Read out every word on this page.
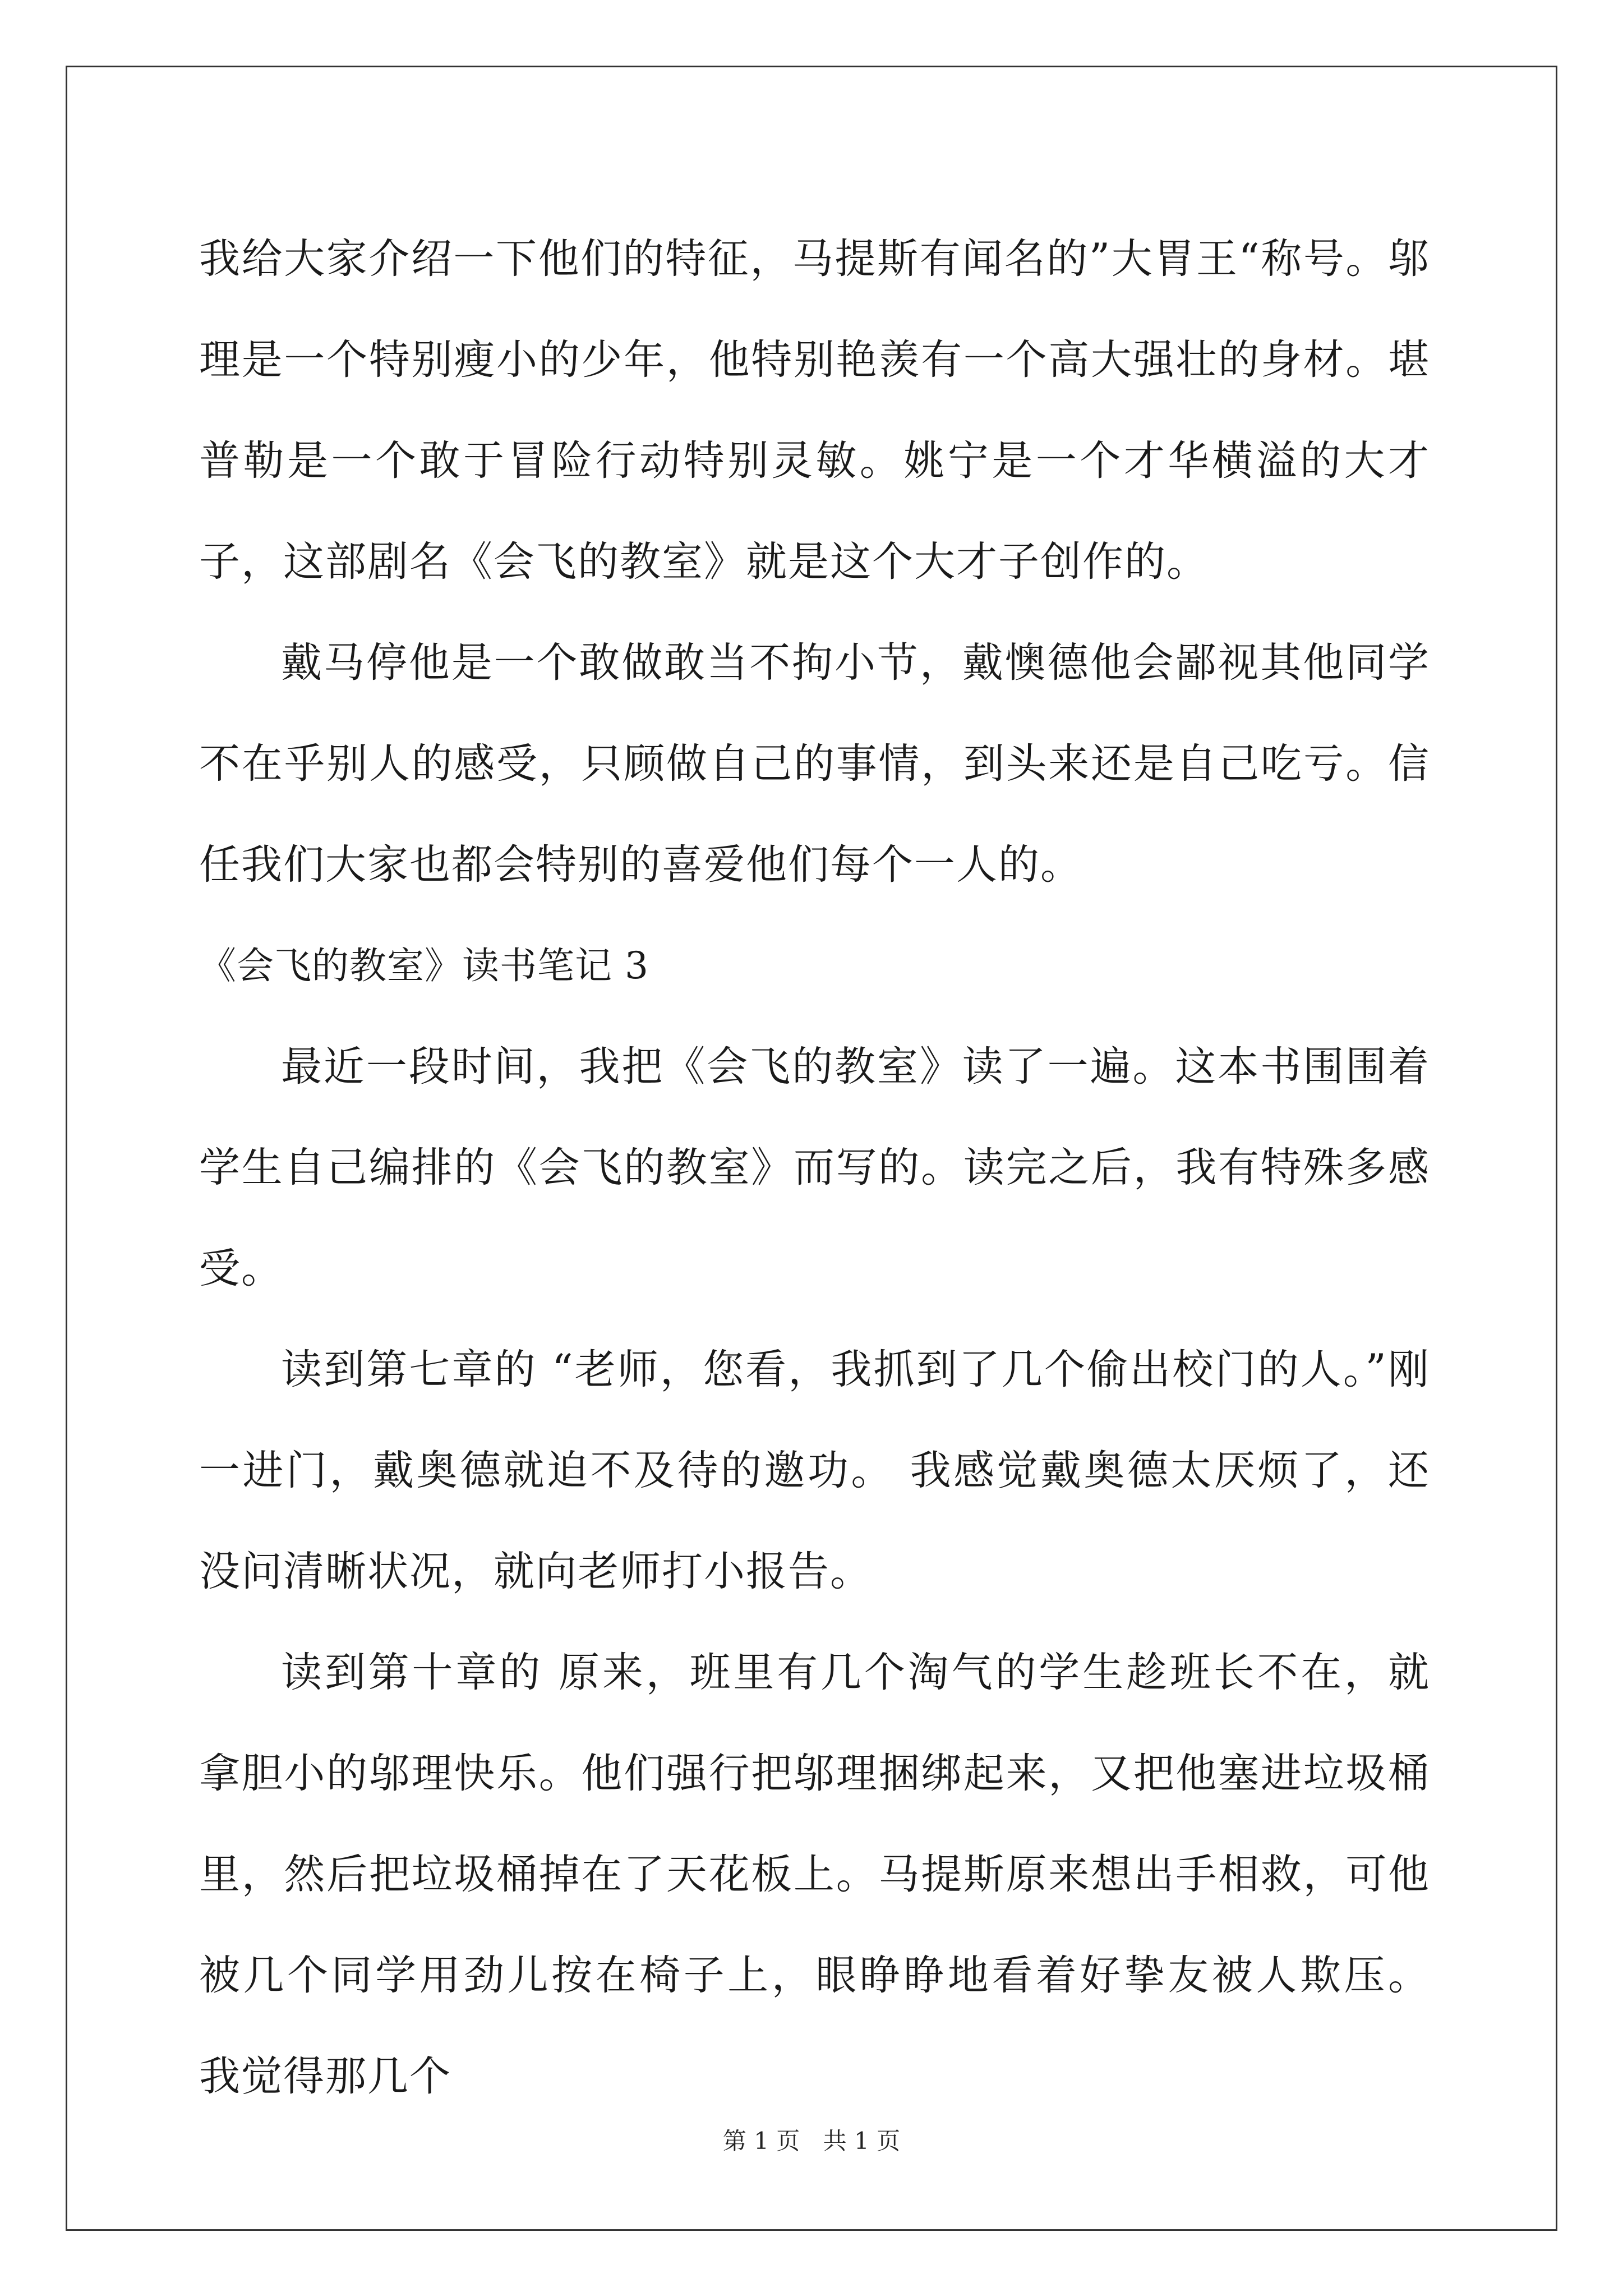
我给大家介绍一下他们的特征，马提斯有闻名的”大胃王“称号。邬理是一个特别瘦小的少年，他特别艳羡有一个高大强壮的身材。堪普勒是一个敢于冒险行动特别灵敏。姚宁是一个才华横溢的大才子，这部剧名《会飞的教室》就是这个大才子创作的。

戴马停他是一个敢做敢当不拘小节，戴懊德他会鄙视其他同学不在乎别人的感受，只顾做自己的事情，到头来还是自己吃亏。信任我们大家也都会特别的喜爱他们每个一人的。

《会飞的教室》读书笔记 3

最近一段时间，我把《会飞的教室》读了一遍。这本书围围着学生自己编排的《会飞的教室》而写的。读完之后，我有特殊多感受。

读到第七章的 “老师，您看，我抓到了几个偷出校门的人。”刚一进门，戴奥德就迫不及待的邀功。 我感觉戴奥德太厌烦了，还没问清晰状况，就向老师打小报告。

读到第十章的 原来，班里有几个淘气的学生趁班长不在，就拿胆小的邬理快乐。他们强行把邬理捆绑起来，又把他塞进垃圾桶里，然后把垃圾桶掉在了天花板上。马提斯原来想出手相救，可他被几个同学用劲儿按在椅子上，眼睁睁地看着好挚友被人欺压。 我觉得那几个

第 1 页 共 1 页
